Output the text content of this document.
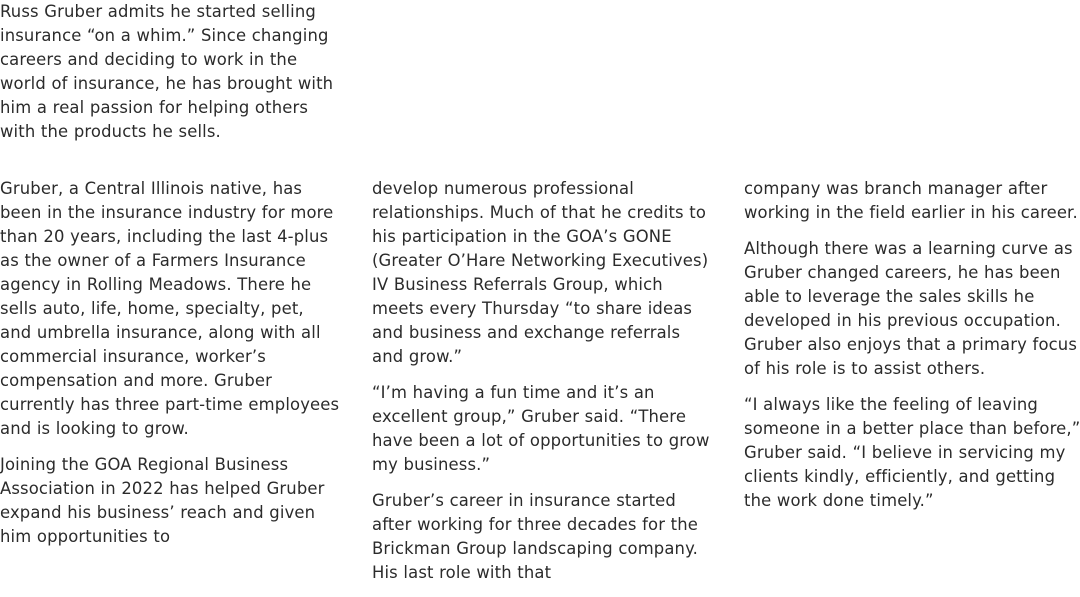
Russ Gruber admits he started selling insurance “on a whim.” Since changing careers and deciding to work in the world of insurance, he has brought with him a real passion for helping others with the products he sells.

Gruber, a Central Illinois native, has been in the insurance industry for more than 20 years, including the last 4-plus as the owner of a Farmers Insurance agency in Rolling Meadows. There he sells auto, life, home, specialty, pet, and umbrella insurance, along with all commercial insurance, worker’s compensation and more. Gruber currently has three part-time employees and is looking to grow.

Joining the GOA Regional Business Association in 2022 has helped Gruber expand his business’ reach and given him opportunities to

develop numerous professional relationships. Much of that he credits to his participation in the GOA’s GONE (Greater O’Hare Networking Executives) IV Business Referrals Group, which meets every Thursday “to share ideas and business and exchange referrals and grow.”

“I’m having a fun time and it’s an excellent group,” Gruber said. “There have been a lot of opportunities to grow my business.”

Gruber’s career in insurance started after working for three decades for the Brickman Group landscaping company. His last role with that

company was branch manager after working in the field earlier in his career.

Although there was a learning curve as Gruber changed careers, he has been able to leverage the sales skills he developed in his previous occupation. Gruber also enjoys that a primary focus of his role is to assist others.

“I always like the feeling of leaving someone in a better place than before,” Gruber said. “I believe in servicing my clients kindly, efficiently, and getting the work done timely.”
